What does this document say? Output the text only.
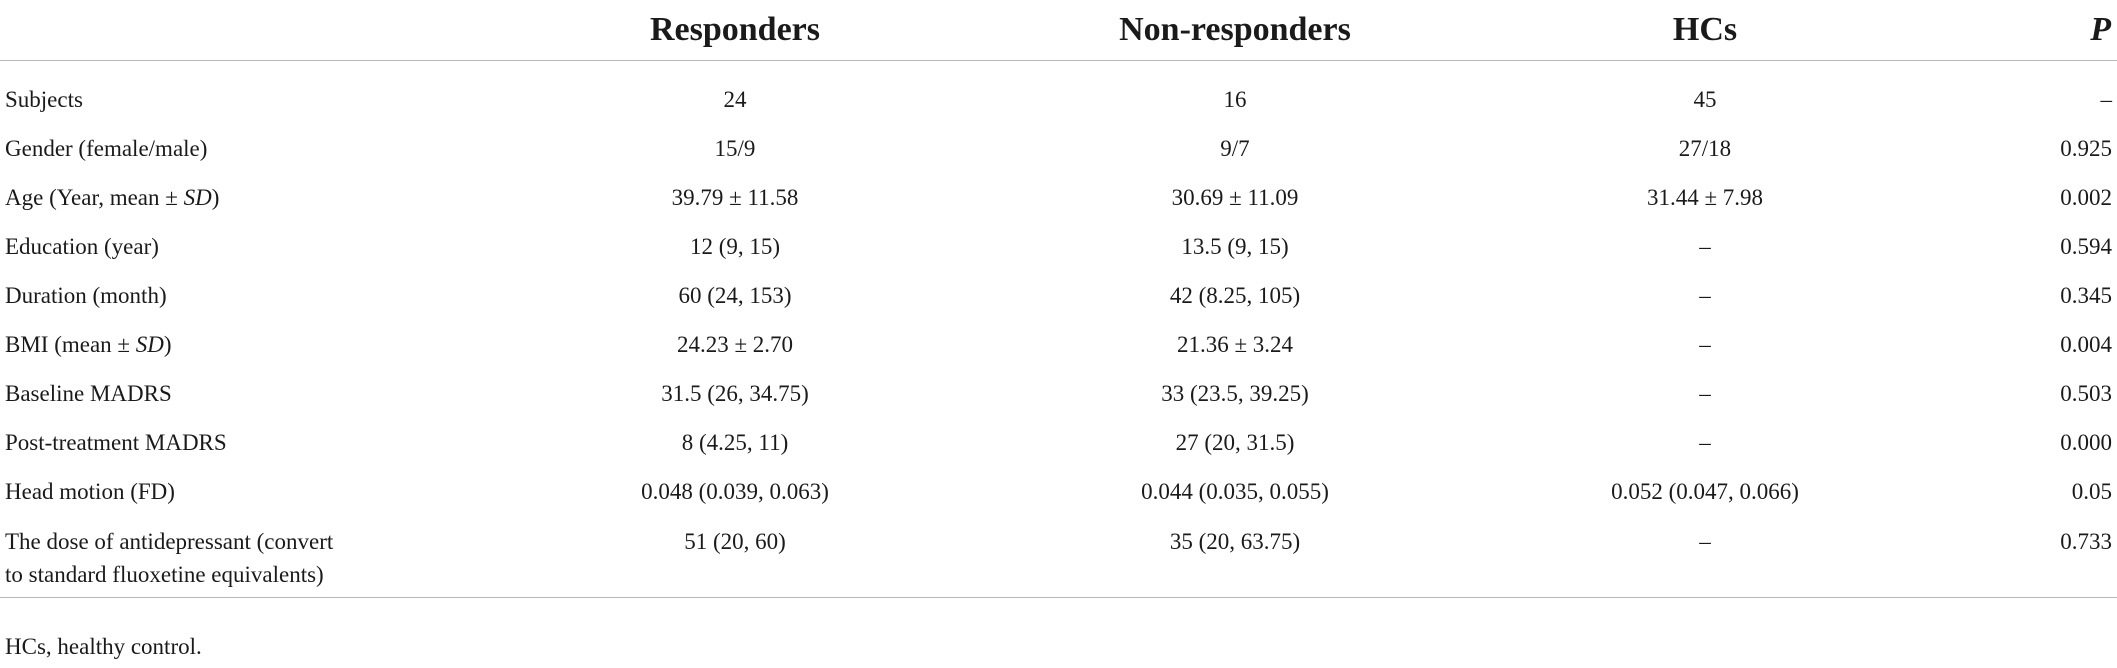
	Responders	Non-responders	HCs	P
Subjects	24	16	45	–
Gender (female/male)	15/9	9/7	27/18	0.925
Age (Year, mean ± SD)	39.79 ± 11.58	30.69 ± 11.09	31.44 ± 7.98	0.002
Education (year)	12 (9, 15)	13.5 (9, 15)	–	0.594
Duration (month)	60 (24, 153)	42 (8.25, 105)	–	0.345
BMI (mean ± SD)	24.23 ± 2.70	21.36 ± 3.24	–	0.004
Baseline MADRS	31.5 (26, 34.75)	33 (23.5, 39.25)	–	0.503
Post-treatment MADRS	8 (4.25, 11)	27 (20, 31.5)	–	0.000
Head motion (FD)	0.048 (0.039, 0.063)	0.044 (0.035, 0.055)	0.052 (0.047, 0.066)	0.05

The dose of antidepressant (convert
to standard fluoxetine equivalents)	51 (20, 60)	35 (20, 63.75)	–	0.733
HCs, healthy control.
